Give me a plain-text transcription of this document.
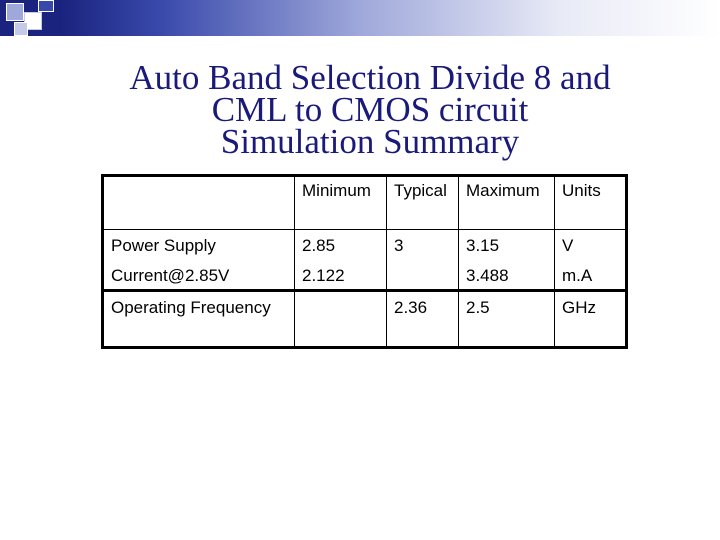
Auto Band Selection Divide 8 and
CML to CMOS circuit
Simulation Summary
	Minimum	Typical	Maximum	Units
Power Supply	2.85	3	3.15	V
Current@2.85V	2.122		3.488	m.A
Operating Frequency		2.36	2.5	GHz
